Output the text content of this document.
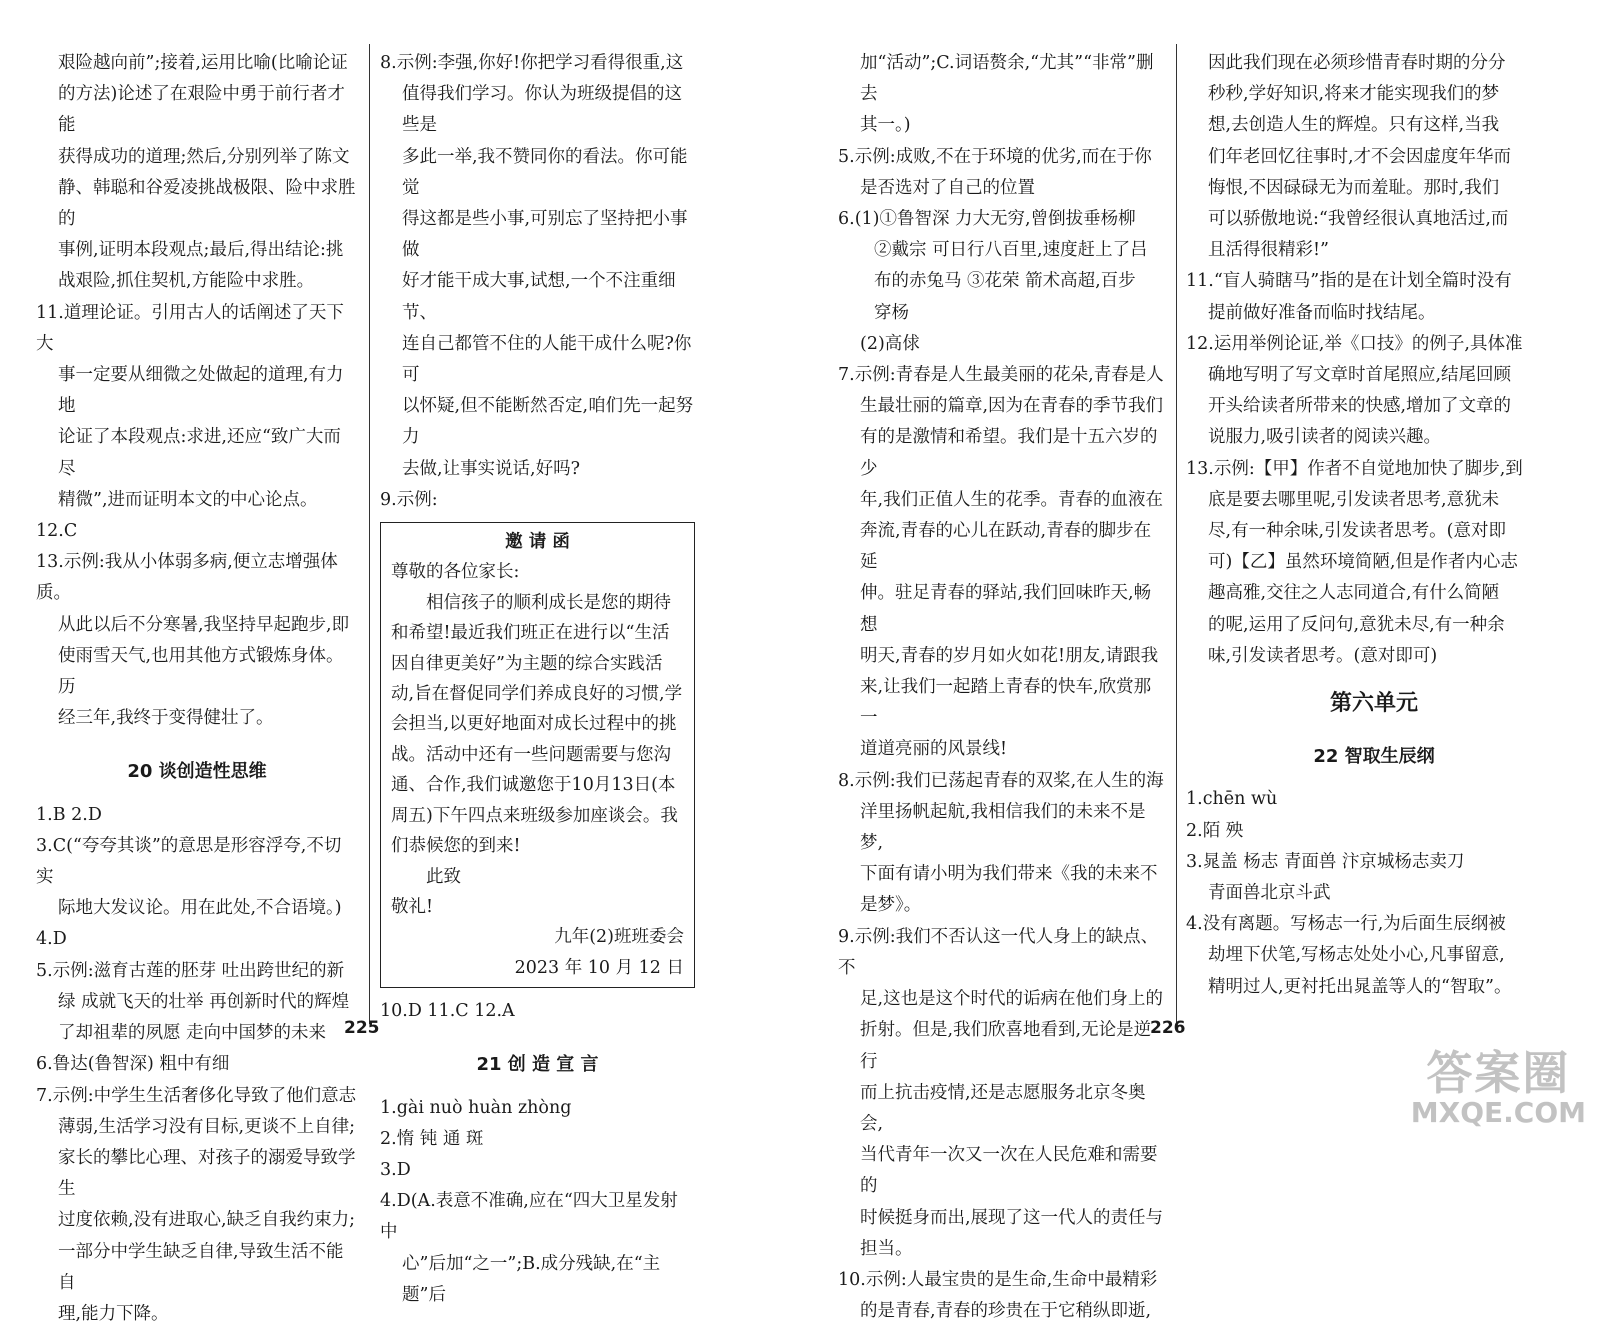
艰险越向前”;接着,运用比喻(比喻论证

的方法)论述了在艰险中勇于前行者才能

获得成功的道理;然后,分别列举了陈文

静、韩聪和谷爱凌挑战极限、险中求胜的

事例,证明本段观点;最后,得出结论:挑

战艰险,抓住契机,方能险中求胜。

11.道理论证。引用古人的话阐述了天下大

事一定要从细微之处做起的道理,有力地

论证了本段观点:求进,还应“致广大而尽

精微”,进而证明本文的中心论点。

12.C

13.示例:我从小体弱多病,便立志增强体质。

从此以后不分寒暑,我坚持早起跑步,即

使雨雪天气,也用其他方式锻炼身体。历

经三年,我终于变得健壮了。

20 谈创造性思维

1.B 2.D

3.C(“夸夸其谈”的意思是形容浮夸,不切实

际地大发议论。用在此处,不合语境。)

4.D

5.示例:滋育古莲的胚芽 吐出跨世纪的新

绿 成就飞天的壮举 再创新时代的辉煌

了却祖辈的夙愿 走向中国梦的未来

6.鲁达(鲁智深) 粗中有细

7.示例:中学生生活奢侈化导致了他们意志

薄弱,生活学习没有目标,更谈不上自律;

家长的攀比心理、对孩子的溺爱导致学生

过度依赖,没有进取心,缺乏自我约束力;

一部分中学生缺乏自律,导致生活不能自

理,能力下降。

8.示例:李强,你好!你把学习看得很重,这

值得我们学习。你认为班级提倡的这些是

多此一举,我不赞同你的看法。你可能觉

得这都是些小事,可别忘了坚持把小事做

好才能干成大事,试想,一个不注重细节、

连自己都管不住的人能干成什么呢?你可

以怀疑,但不能断然否定,咱们先一起努力

去做,让事实说话,好吗?

9.示例:

邀 请 函

尊敬的各位家长:

相信孩子的顺利成长是您的期待和希望!最近我们班正在进行以“生活因自律更美好”为主题的综合实践活动,旨在督促同学们养成良好的习惯,学会担当,以更好地面对成长过程中的挑战。活动中还有一些问题需要与您沟通、合作,我们诚邀您于10月13日(本周五)下午四点来班级参加座谈会。我们恭候您的到来!

此致

敬礼!

九年(2)班班委会

2023 年 10 月 12 日

10.D 11.C 12.A

21 创 造 宣 言

1.gài nuò huàn zhòng

2.惰 钝 通 斑

3.D

4.D(A.表意不准确,应在“四大卫星发射中

心”后加“之一”;B.成分残缺,在“主题”后

225

加“活动”;C.词语赘余,“尤其”“非常”删去

其一。)

5.示例:成败,不在于环境的优劣,而在于你

是否选对了自己的位置

6.(1)①鲁智深 力大无穷,曾倒拔垂杨柳

②戴宗 可日行八百里,速度赶上了吕

布的赤兔马 ③花荣 箭术高超,百步

穿杨

(2)高俅

7.示例:青春是人生最美丽的花朵,青春是人

生最壮丽的篇章,因为在青春的季节我们

有的是激情和希望。我们是十五六岁的少

年,我们正值人生的花季。青春的血液在

奔流,青春的心儿在跃动,青春的脚步在延

伸。驻足青春的驿站,我们回味昨天,畅想

明天,青春的岁月如火如花!朋友,请跟我

来,让我们一起踏上青春的快车,欣赏那一

道道亮丽的风景线!

8.示例:我们已荡起青春的双桨,在人生的海

洋里扬帆起航,我相信我们的未来不是梦,

下面有请小明为我们带来《我的未来不

是梦》。

9.示例:我们不否认这一代人身上的缺点、不

足,这也是这个时代的诟病在他们身上的

折射。但是,我们欣喜地看到,无论是逆行

而上抗击疫情,还是志愿服务北京冬奥会,

当代青年一次又一次在人民危难和需要的

时候挺身而出,展现了这一代人的责任与

担当。

10.示例:人最宝贵的是生命,生命中最精彩

的是青春,青春的珍贵在于它稍纵即逝,

因此我们现在必须珍惜青春时期的分分

秒秒,学好知识,将来才能实现我们的梦

想,去创造人生的辉煌。只有这样,当我

们年老回忆往事时,才不会因虚度年华而

悔恨,不因碌碌无为而羞耻。那时,我们

可以骄傲地说:“我曾经很认真地活过,而

且活得很精彩!”

11.“盲人骑瞎马”指的是在计划全篇时没有

提前做好准备而临时找结尾。

12.运用举例论证,举《口技》的例子,具体准

确地写明了写文章时首尾照应,结尾回顾

开头给读者所带来的快感,增加了文章的

说服力,吸引读者的阅读兴趣。

13.示例:【甲】作者不自觉地加快了脚步,到

底是要去哪里呢,引发读者思考,意犹未

尽,有一种余味,引发读者思考。(意对即

可)【乙】虽然环境简陋,但是作者内心志

趣高雅,交往之人志同道合,有什么简陋

的呢,运用了反问句,意犹未尽,有一种余

味,引发读者思考。(意对即可)

第六单元

22 智取生辰纲

1.chēn wù

2.陌 殃

3.晁盖 杨志 青面兽 汴京城杨志卖刀

青面兽北京斗武

4.没有离题。写杨志一行,为后面生辰纲被

劫埋下伏笔,写杨志处处小心,凡事留意,

精明过人,更衬托出晁盖等人的“智取”。

226
答案圈
MXQE.COM
